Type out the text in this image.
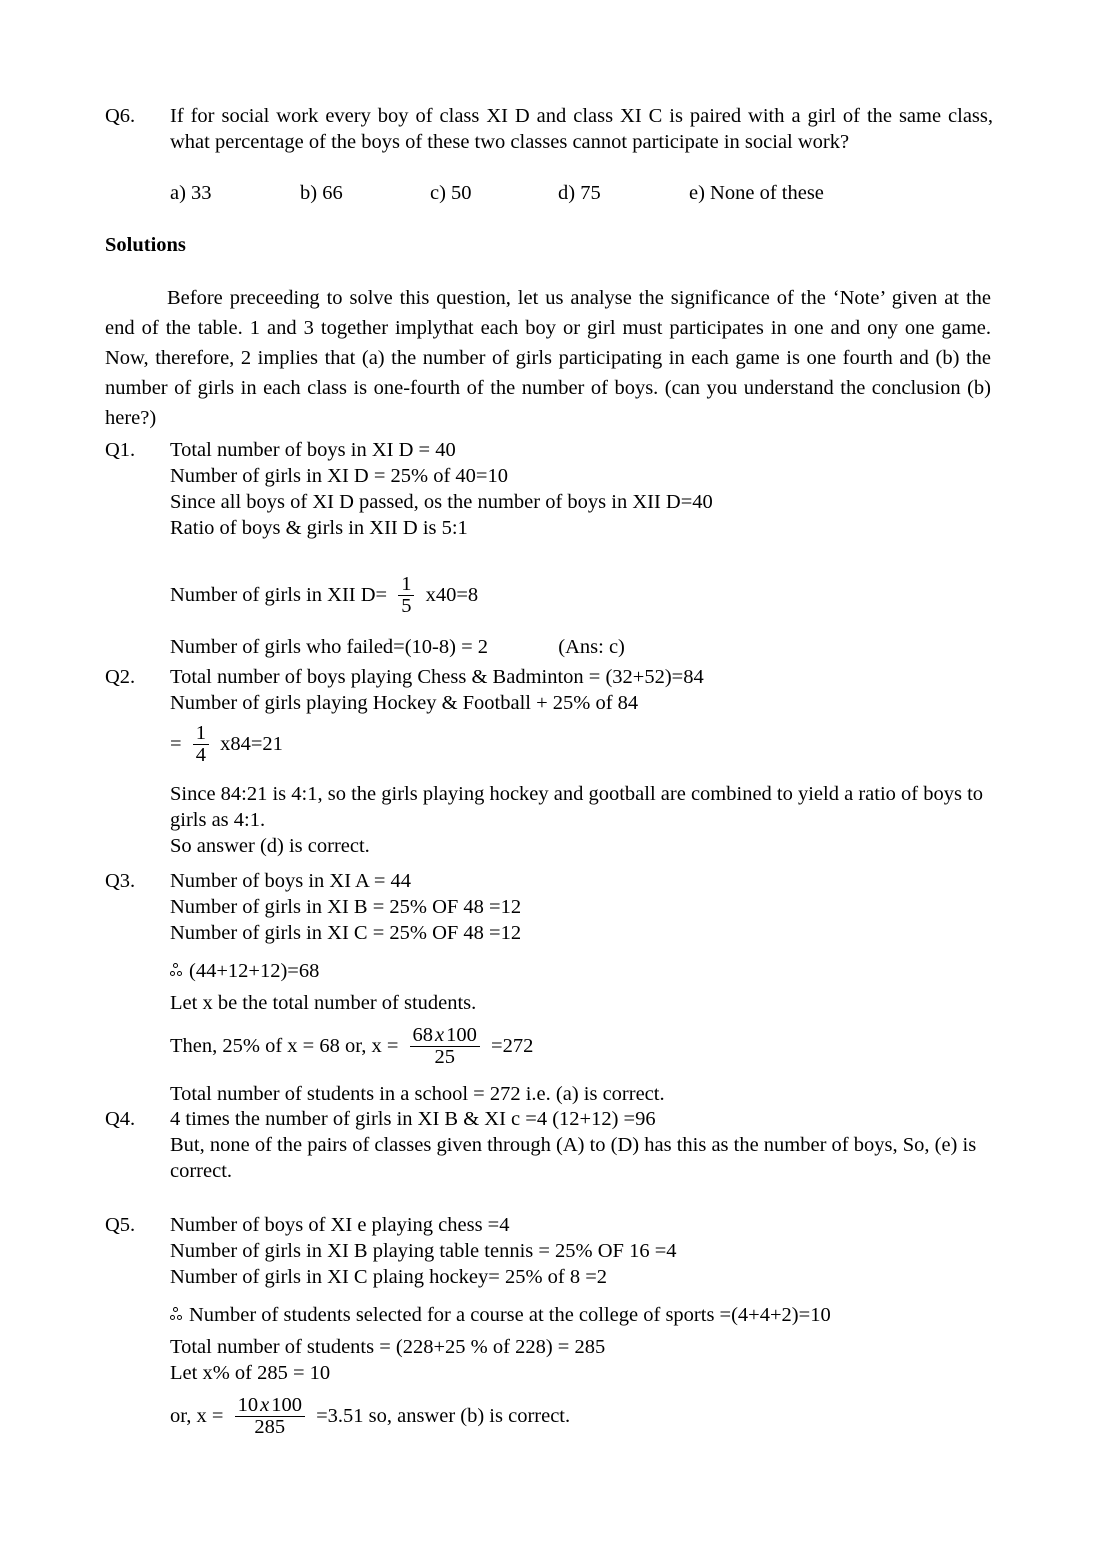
Q6.	If for social work every boy of class XI D and class XI C is paired with a girl of the same class, what percentage of the boys of these two classes cannot participate in social work?
a) 33	b) 66	c) 50	d) 75	e) None of these
Solutions
Before preceeding to solve this question, let us analyse the significance of the ‘Note’ given at the end of the table. 1 and 3 together implythat each boy or girl must participates in one and ony one game. Now, therefore, 2 implies that (a) the number of girls participating in each game is one fourth and (b) the number of girls in each class is one-fourth of the number of boys. (can you understand the conclusion (b) here?)
Q1.	Total number of boys in XI D = 40
Number of girls in XI D = 25% of 40=10
Since all boys of XI D passed, os the number of boys in XII D=40
Ratio of boys & girls in XII D is 5:1
Number of girls in XII $D= \frac{1}{5} x40=8$
Number of girls who failed=(10-8) = 2	(Ans: c)
Q2.	Total number of boys playing Chess & Badminton = (32+52)=84
Number of girls playing Hockey & Football + 25% of 84
= $\frac{1}{4} x84=21$
Since 84:21 is 4:1, so the girls playing hockey and gootball are combined to yield a ratio of boys to girls as 4:1.
So answer (d) is correct.
Q3.	Number of boys in XI A = 44
Number of girls in XI B = 25% OF 48 =12
Number of girls in XI C = 25% OF 48 =12
(44+12+12)=68
Let x be the total number of students.
Then, 25% of x = 68 or, $x = \frac{68x100}{25} =272$
Total number of students in a school = 272 i.e. (a) is correct.
Q4.	4 times the number of girls in XI B & XI c =4 (12+12) =96
But, none of the pairs of classes given through (A) to (D) has this as the number of boys, So, (e) is correct.
Q5.	Number of boys of XI e playing chess =4
Number of girls in XI B playing table tennis = 25% OF 16 =4
Number of girls in XI C plaing hockey= 25% of 8 =2
Number of students selected for a course at the college of sports =(4+4+2)=10
Total number of students = (228+25 % of 228) = 285
Let x% of 285 = 10
or, $x = \frac{10x100}{285} =3.51$ so, answer (b) is correct.
